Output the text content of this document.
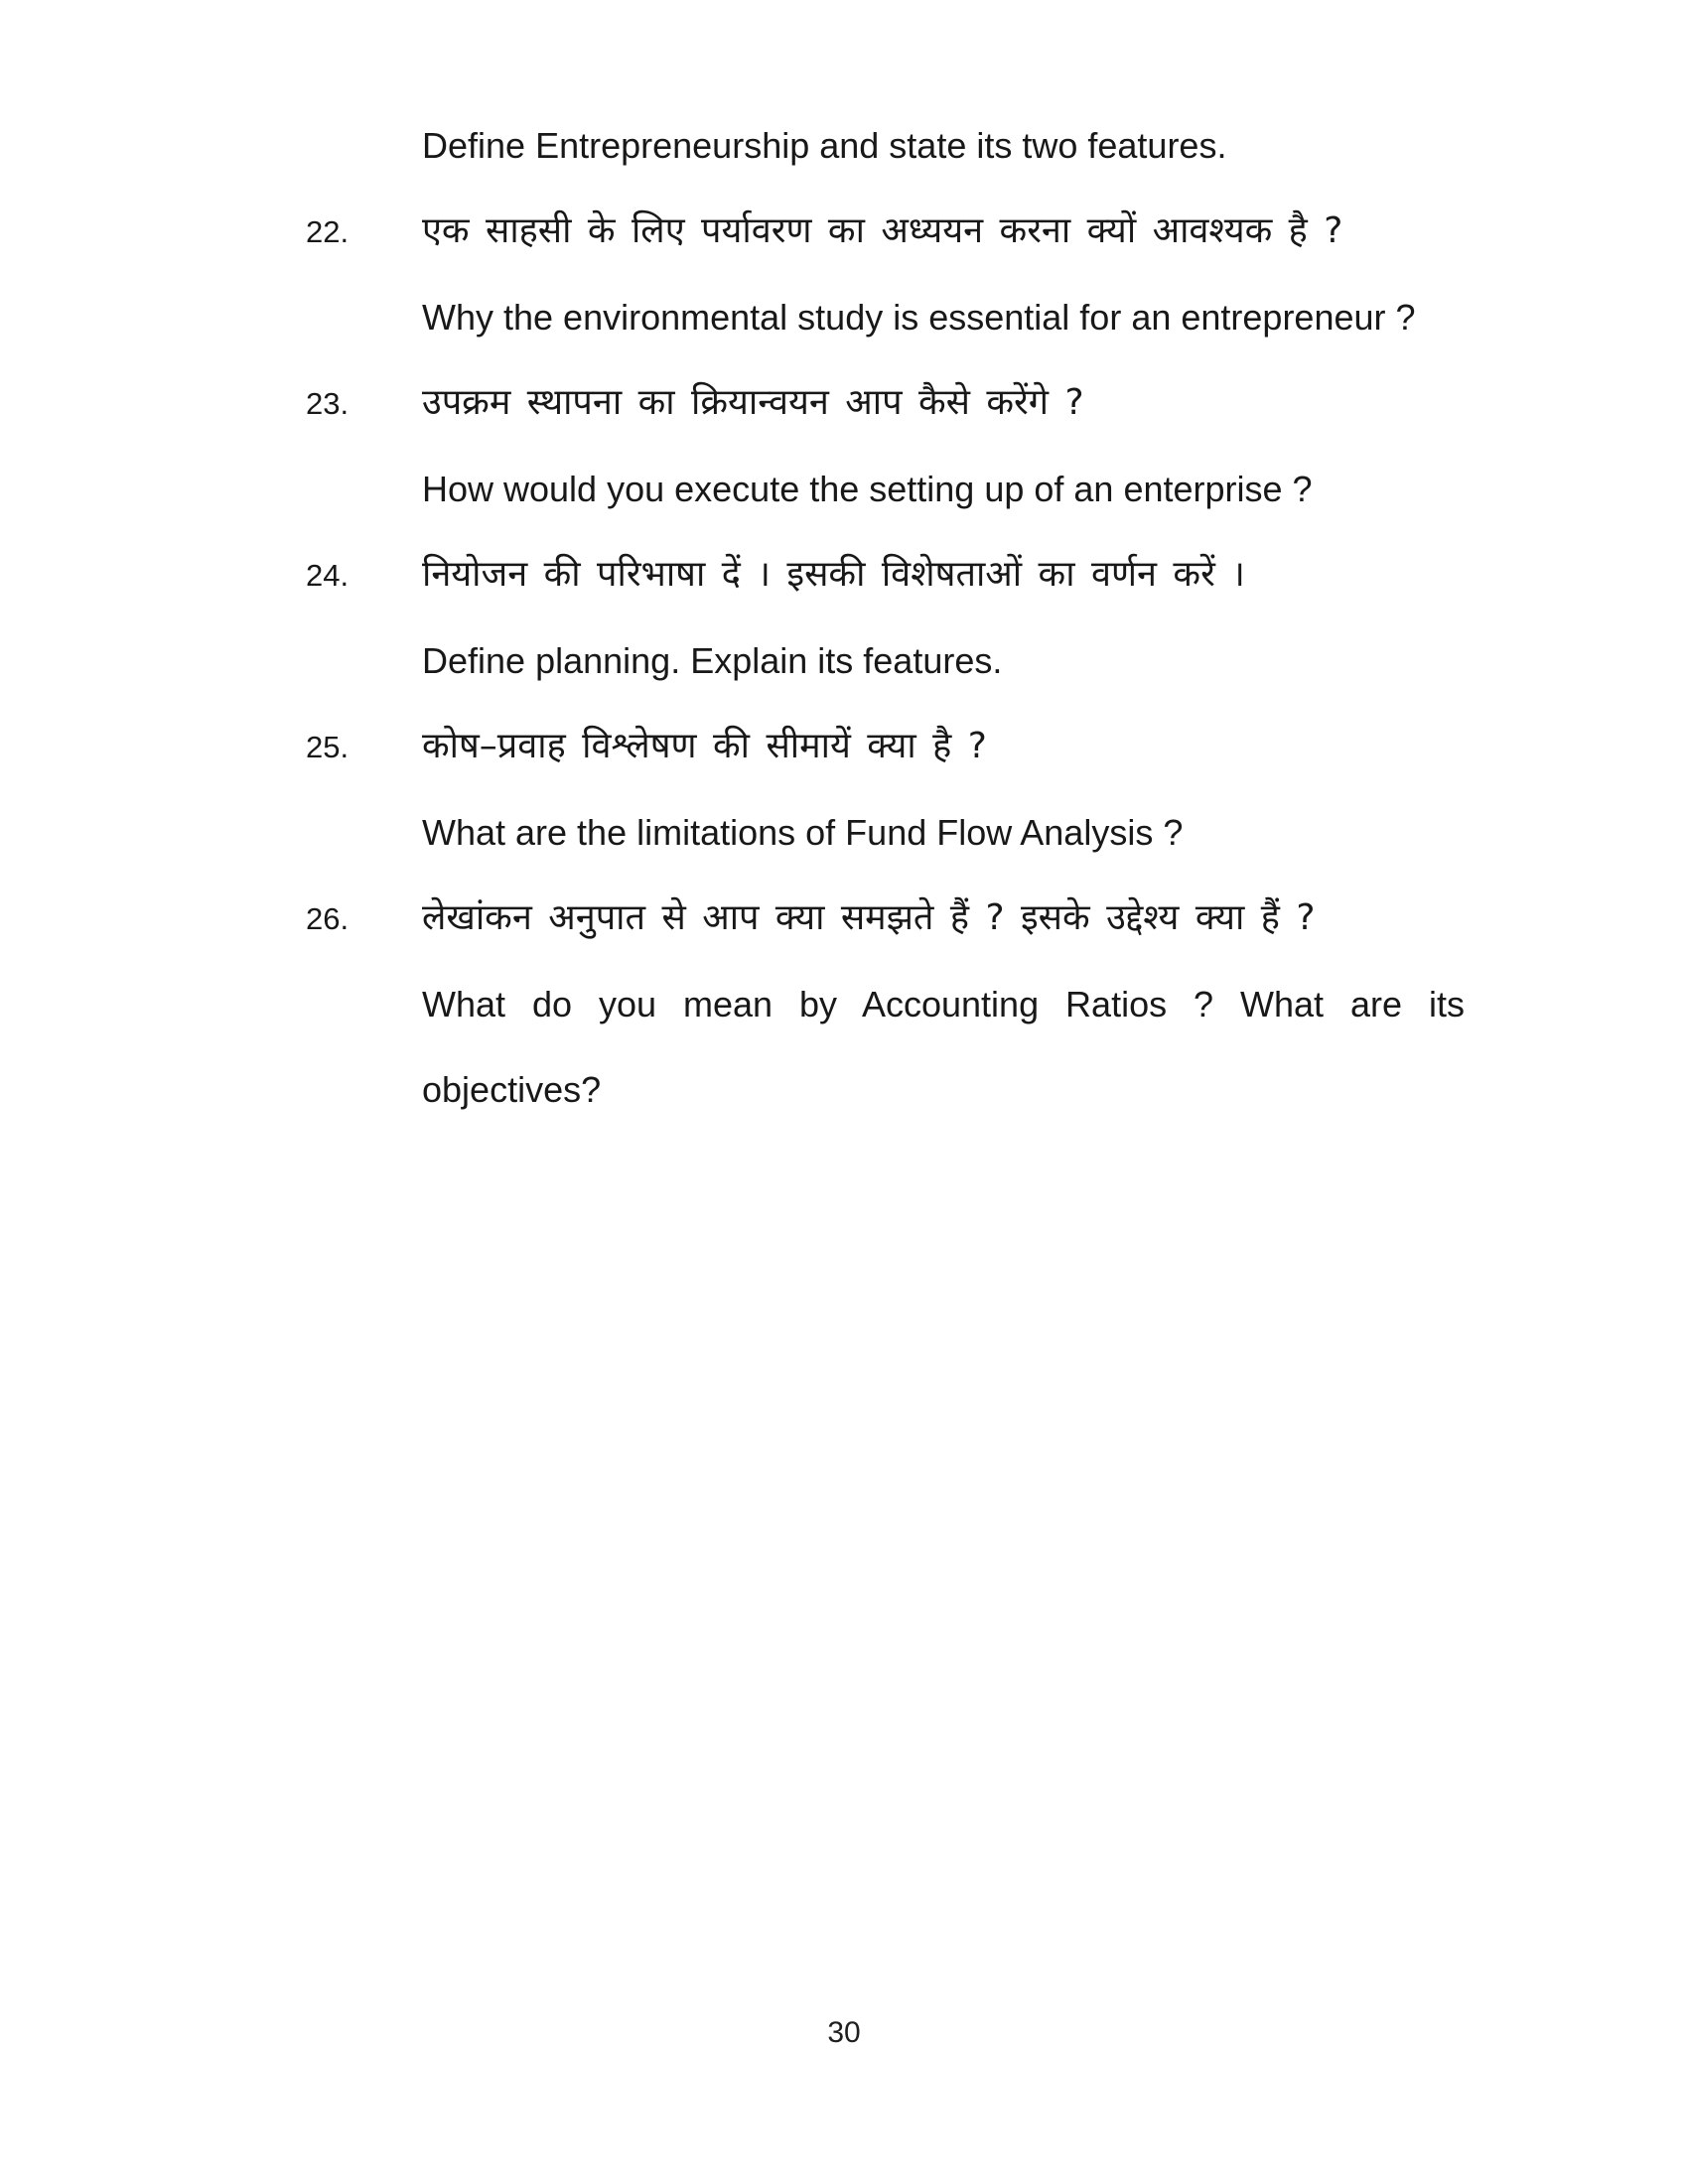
Define Entrepreneurship and state its two features.
22.	एक साहसी के लिए पर्यावरण का अध्ययन करना क्यों आवश्यक है ?
Why the environmental study is essential for an entrepreneur ?
23.	उपक्रम स्थापना का क्रियान्वयन आप कैसे करेंगे ?
How would you execute the setting up of an enterprise ?
24.	नियोजन की परिभाषा दें । इसकी विशेषताओं का वर्णन करें ।
Define planning. Explain its features.
25.	कोष–प्रवाह विश्लेषण की सीमायें क्या है ?
What are the limitations of Fund Flow Analysis ?
26.	लेखांकन अनुपात से आप क्या समझते हैं ? इसके उद्देश्य क्या हैं ?
What do you mean by Accounting Ratios ? What are its objectives?
30
